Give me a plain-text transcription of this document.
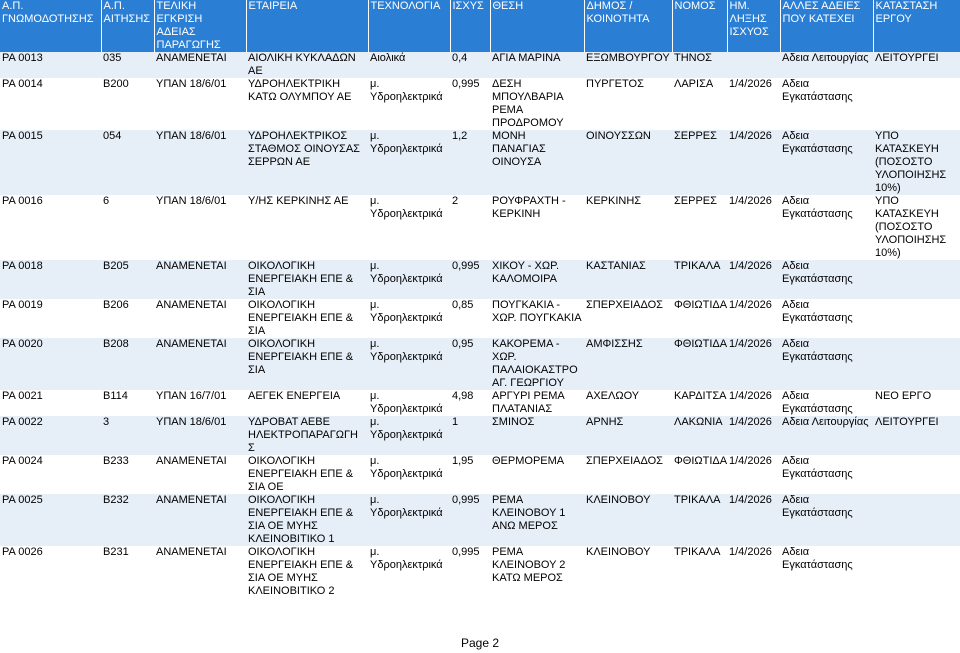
Α.Π. ΓΝΩΜΟΔΟΤΗΣΗΣ	Α.Π. ΑΙΤΗΣΗΣ	ΤΕΛΙΚΗ ΕΓΚΡΙΣΗ ΑΔΕΙΑΣ ΠΑΡΑΓΩΓΗΣ	ΕΤΑΙΡΕΙΑ	ΤΕΧΝΟΛΟΓΙΑ	ΙΣΧΥΣ	ΘΕΣΗ	ΔΗΜΟΣ / ΚΟΙΝΟΤΗΤΑ	ΝΟΜΟΣ	ΗΜ. ΛΗΞΗΣ ΙΣΧΥΟΣ	ΑΛΛΕΣ ΑΔΕΙΕΣ ΠΟΥ ΚΑΤΕΧΕΙ	ΚΑΤΑΣΤΑΣΗ ΕΡΓΟΥ
ΡΑ 0013	035	ΑΝΑΜΕΝΕΤΑΙ	ΑΙΟΛΙΚΗ ΚΥΚΛΑΔΩΝ ΑΕ	Αιολικά	0,4	ΑΓΙΑ ΜΑΡΙΝΑ	ΕΞΩΜΒΟΥΡΓΟΥ	ΤΗΝΟΣ		Αδεια Λειτουργίας	ΛΕΙΤΟΥΡΓΕΙ
ΡΑ 0014	Β200	ΥΠΑΝ 18/6/01	ΥΔΡΟΗΛΕΚΤΡΙΚΗ ΚΑΤΩ ΟΛΥΜΠΟΥ ΑΕ	μ. Υδροηλεκτρικά	0,995	ΔΕΣΗ ΜΠΟΥΛΒΑΡΙΑ ΡΕΜΑ ΠΡΟΔΡΟΜΟΥ	ΠΥΡΓΕΤΟΣ	ΛΑΡΙΣΑ	1/4/2026	Αδεια Εγκατάστασης	
ΡΑ 0015	054	ΥΠΑΝ 18/6/01	ΥΔΡΟΗΛΕΚΤΡΙΚΟΣ ΣΤΑΘΜΟΣ ΟΙΝΟΥΣΑΣ ΣΕΡΡΩΝ ΑΕ	μ. Υδροηλεκτρικά	1,2	ΜΟΝΗ ΠΑΝΑΓΙΑΣ ΟΙΝΟΥΣΑ	ΟΙΝΟΥΣΣΩΝ	ΣΕΡΡΕΣ	1/4/2026	Αδεια Εγκατάστασης	ΥΠΟ ΚΑΤΑΣΚΕΥΗ (ΠΟΣΟΣΤΟ ΥΛΟΠΟΙΗΣΗΣ 10%)
ΡΑ 0016	6	ΥΠΑΝ 18/6/01	Υ/ΗΣ ΚΕΡΚΙΝΗΣ ΑΕ	μ. Υδροηλεκτρικά	2	ΡΟΥΦΡΑΧΤΗ - ΚΕΡΚΙΝΗ	ΚΕΡΚΙΝΗΣ	ΣΕΡΡΕΣ	1/4/2026	Αδεια Εγκατάστασης	ΥΠΟ ΚΑΤΑΣΚΕΥΗ (ΠΟΣΟΣΤΟ ΥΛΟΠΟΙΗΣΗΣ 10%)
ΡΑ 0018	Β205	ΑΝΑΜΕΝΕΤΑΙ	ΟΙΚΟΛΟΓΙΚΗ ΕΝΕΡΓΕΙΑΚΗ ΕΠΕ & ΣΙΑ	μ. Υδροηλεκτρικά	0,995	ΧΙΚΟΥ - ΧΩΡ. ΚΑΛΟΜΟΙΡΑ	ΚΑΣΤΑΝΙΑΣ	ΤΡΙΚΑΛΑ	1/4/2026	Αδεια Εγκατάστασης	
ΡΑ 0019	Β206	ΑΝΑΜΕΝΕΤΑΙ	ΟΙΚΟΛΟΓΙΚΗ ΕΝΕΡΓΕΙΑΚΗ ΕΠΕ & ΣΙΑ	μ. Υδροηλεκτρικά	0,85	ΠΟΥΓΚΑΚΙΑ - ΧΩΡ. ΠΟΥΓΚΑΚΙΑ	ΣΠΕΡΧΕΙΑΔΟΣ	ΦΘΙΩΤΙΔΑ	1/4/2026	Αδεια Εγκατάστασης	
ΡΑ 0020	Β208	ΑΝΑΜΕΝΕΤΑΙ	ΟΙΚΟΛΟΓΙΚΗ ΕΝΕΡΓΕΙΑΚΗ ΕΠΕ & ΣΙΑ	μ. Υδροηλεκτρικά	0,95	ΚΑΚΟΡΕΜΑ - ΧΩΡ. ΠΑΛΑΙΟΚΑΣΤΡΟ ΑΓ. ΓΕΩΡΓΙΟΥ	ΑΜΦΙΣΣΗΣ	ΦΘΙΩΤΙΔΑ	1/4/2026	Αδεια Εγκατάστασης	
ΡΑ 0021	Β114	ΥΠΑΝ 16/7/01	ΑΕΓΕΚ ΕΝΕΡΓΕΙΑ	μ. Υδροηλεκτρικά	4,98	ΑΡΓΥΡΙ ΡΕΜΑ ΠΛΑΤΑΝΙΑΣ	ΑΧΕΛΩΟΥ	ΚΑΡΔΙΤΣΑ	1/4/2026	Αδεια Εγκατάστασης	ΝΕΟ ΕΡΓΟ
ΡΑ 0022	3	ΥΠΑΝ 18/6/01	ΥΔΡΟΒΑΤ ΑΕΒΕ ΗΛΕΚΤΡΟΠΑΡΑΓΩΓΗ Σ	μ. Υδροηλεκτρικά	1	ΣΜΙΝΟΣ	ΑΡΝΗΣ	ΛΑΚΩΝΙΑ	1/4/2026	Αδεια Λειτουργίας	ΛΕΙΤΟΥΡΓΕΙ
ΡΑ 0024	Β233	ΑΝΑΜΕΝΕΤΑΙ	ΟΙΚΟΛΟΓΙΚΗ ΕΝΕΡΓΕΙΑΚΗ ΕΠΕ & ΣΙΑ ΟΕ	μ. Υδροηλεκτρικά	1,95	ΘΕΡΜΟΡΕΜΑ	ΣΠΕΡΧΕΙΑΔΟΣ	ΦΘΙΩΤΙΔΑ	1/4/2026	Αδεια Εγκατάστασης	
ΡΑ 0025	Β232	ΑΝΑΜΕΝΕΤΑΙ	ΟΙΚΟΛΟΓΙΚΗ ΕΝΕΡΓΕΙΑΚΗ ΕΠΕ & ΣΙΑ ΟΕ ΜΥΗΣ ΚΛΕΙΝΟΒΙΤΙΚΟ 1	μ. Υδροηλεκτρικά	0,995	ΡΕΜΑ ΚΛΕΙΝΟΒΟΥ 1 ΑΝΩ ΜΕΡΟΣ	ΚΛΕΙΝΟΒΟΥ	ΤΡΙΚΑΛΑ	1/4/2026	Αδεια Εγκατάστασης	
ΡΑ 0026	Β231	ΑΝΑΜΕΝΕΤΑΙ	ΟΙΚΟΛΟΓΙΚΗ ΕΝΕΡΓΕΙΑΚΗ ΕΠΕ & ΣΙΑ ΟΕ ΜΥΗΣ ΚΛΕΙΝΟΒΙΤΙΚΟ 2	μ. Υδροηλεκτρικά	0,995	ΡΕΜΑ ΚΛΕΙΝΟΒΟΥ 2 ΚΑΤΩ ΜΕΡΟΣ	ΚΛΕΙΝΟΒΟΥ	ΤΡΙΚΑΛΑ	1/4/2026	Αδεια Εγκατάστασης	
Page 2
